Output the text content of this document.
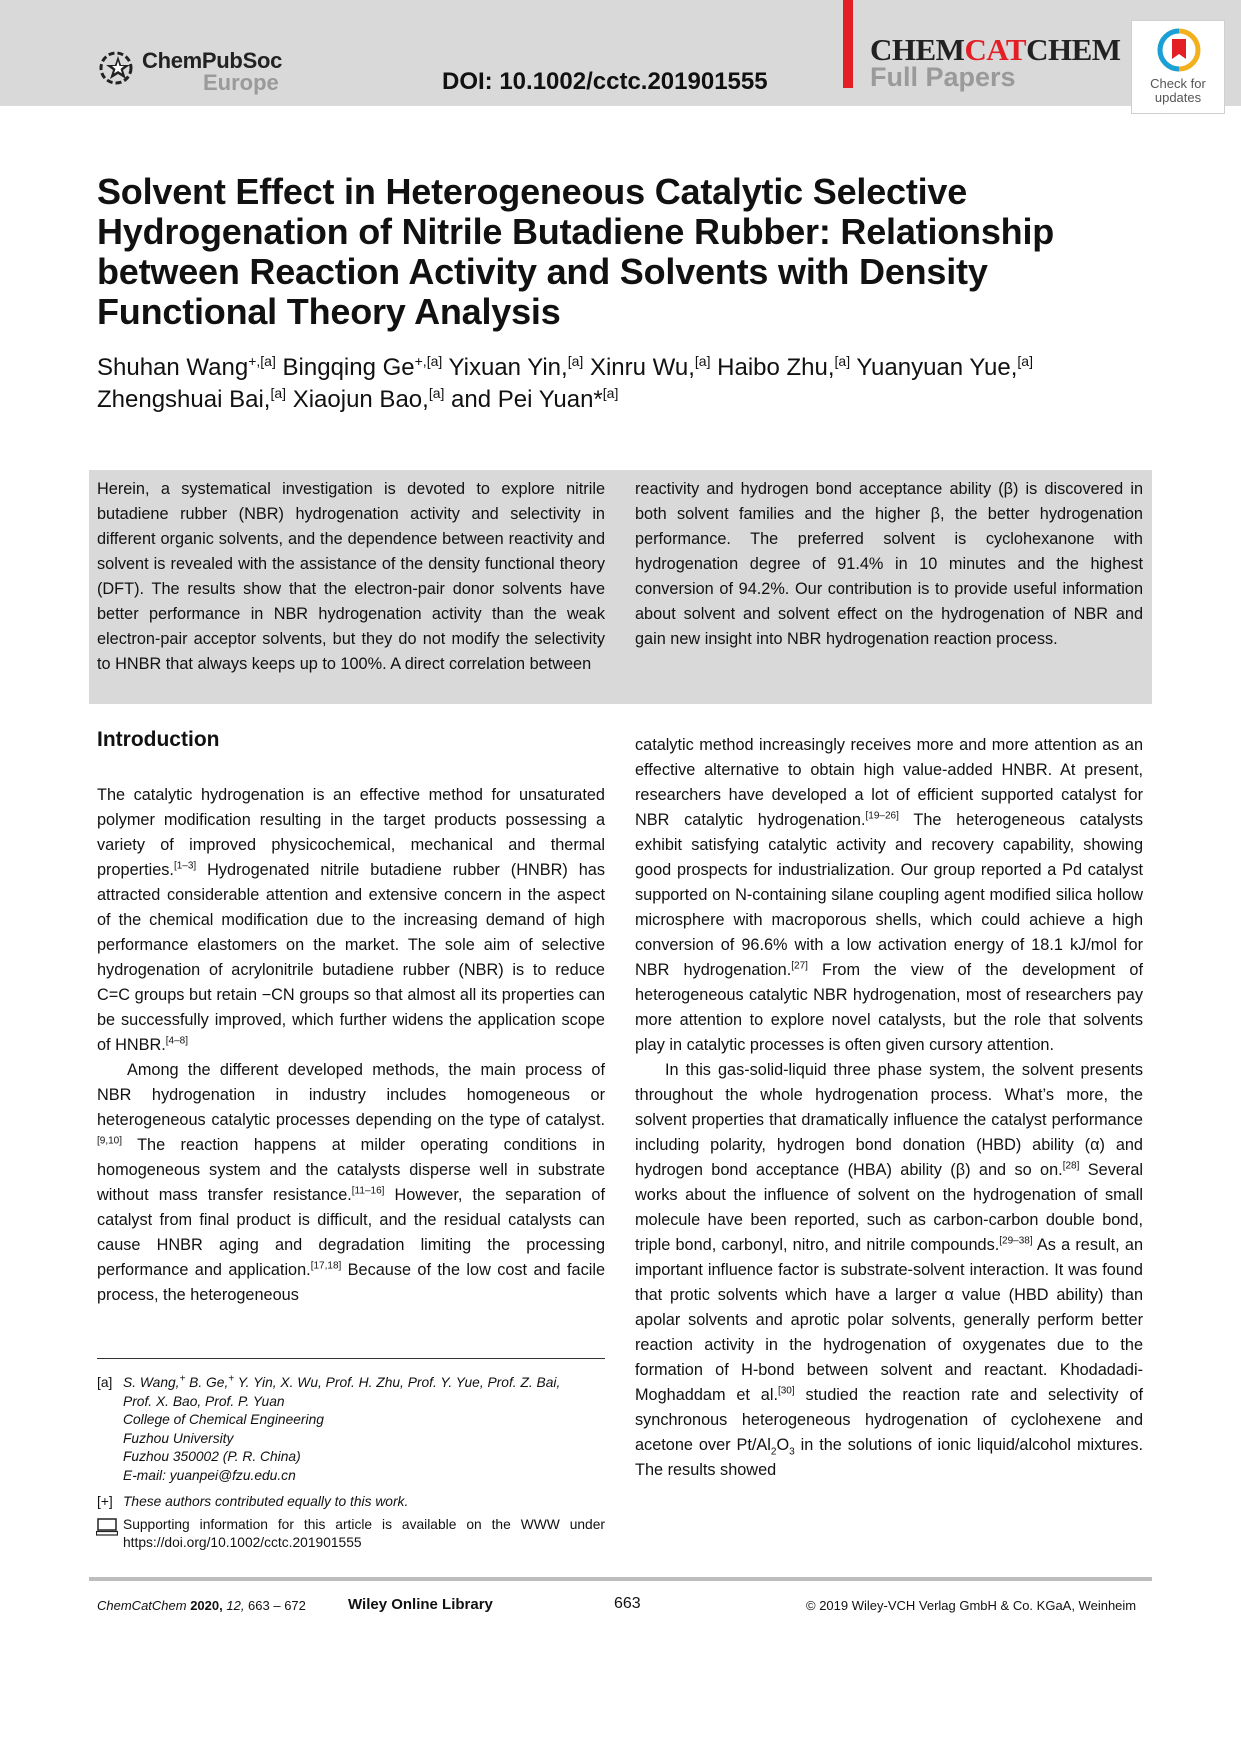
ChemPubSoc
Europe	DOI: 10.1002/cctc.201901555
CHEMCATCHEM
Full Papers	Check for
updates
Solvent Effect in Heterogeneous Catalytic Selective
Hydrogenation of Nitrile Butadiene Rubber: Relationship
between Reaction Activity and Solvents with Density
Functional Theory Analysis
Shuhan Wang$^{+,[a]}$ Bingqing $Ge^{+,[a]}$ Yixuan Yin,[a] Xinru Wu,[a] Haibo Zhu,[a] Yuanyuan Yue,[a]
Zhengshuai Bai,[a] Xiaojun Bao,[a] and Pei Yuan*[a]
Herein, a systematical investigation is devoted to explore nitrile butadiene rubber (NBR) hydrogenation activity and selectivity in different organic solvents, and the dependence between reactivity and solvent is revealed with the assistance of the density functional theory (DFT). The results show that the electron-pair donor solvents have better performance in NBR hydrogenation activity than the weak electron-pair acceptor solvents, but they do not modify the selectivity to HNBR that always keeps up to 100%. A direct correlation between
reactivity and hydrogen bond acceptance ability (β) is discovered in both solvent families and the higher β, the better hydrogenation performance. The preferred solvent is cyclohexanone with hydrogenation degree of 91.4% in 10 minutes and the highest conversion of 94.2%. Our contribution is to provide useful information about solvent and solvent effect on the hydrogenation of NBR and gain new insight into NBR hydrogenation reaction process.
Introduction

The catalytic hydrogenation is an effective method for unsaturated polymer modification resulting in the target products possessing a variety of improved physicochemical, mechanical and thermal properties.[1–3] Hydrogenated nitrile butadiene rubber (HNBR) has attracted considerable attention and extensive concern in the aspect of the chemical modification due to the increasing demand of high performance elastomers on the market. The sole aim of selective hydrogenation of acrylonitrile butadiene rubber (NBR) is to reduce C=C groups but retain −CN groups so that almost all its properties can be successfully improved, which further widens the application scope of HNBR.[4–8]

Among the different developed methods, the main process of NBR hydrogenation in industry includes homogeneous or heterogeneous catalytic processes depending on the type of catalyst.[9,10] The reaction happens at milder operating conditions in homogeneous system and the catalysts disperse well in substrate without mass transfer resistance.[11–16] However, the separation of catalyst from final product is difficult, and the residual catalysts can cause HNBR aging and degradation limiting the processing performance and application.[17,18] Because of the low cost and facile process, the heterogeneous

catalytic method increasingly receives more and more attention as an effective alternative to obtain high value-added HNBR. At present, researchers have developed a lot of efficient supported catalyst for NBR catalytic hydrogenation.[19–26] The heterogeneous catalysts exhibit satisfying catalytic activity and recovery capability, showing good prospects for industrialization. Our group reported a Pd catalyst supported on N-containing silane coupling agent modified silica hollow microsphere with macroporous shells, which could achieve a high conversion of 96.6% with a low activation energy of 18.1 kJ/mol for NBR hydrogenation.[27] From the view of the development of heterogeneous catalytic NBR hydrogenation, most of researchers pay more attention to explore novel catalysts, but the role that solvents play in catalytic processes is often given cursory attention.

In this gas-solid-liquid three phase system, the solvent presents throughout the whole hydrogenation process. What’s more, the solvent properties that dramatically influence the catalyst performance including polarity, hydrogen bond donation (HBD) ability (α) and hydrogen bond acceptance (HBA) ability (β) and so on.[28] Several works about the influence of solvent on the hydrogenation of small molecule have been reported, such as carbon-carbon double bond, triple bond, carbonyl, nitro, and nitrile compounds.[29–38] As a result, an important influence factor is substrate-solvent interaction. It was found that protic solvents which have a larger α value (HBD ability) than apolar solvents and aprotic polar solvents, generally perform better reaction activity in the hydrogenation of oxygenates due to the formation of H-bond between solvent and reactant. Khodadadi-Moghaddam et al.[30] studied the reaction rate and selectivity of synchronous heterogeneous hydrogenation of cyclohexene and acetone over $Pt/Al_2O_3$ in the solutions of ionic liquid/alcohol mixtures. The results showed

[a] S. Wang,+ B. Ge,+ Y. Yin, X. Wu, Prof. H. Zhu, Prof. Y. Yue, Prof. Z. Bai,
Prof. X. Bao, Prof. P. Yuan
College of Chemical Engineering
Fuzhou University
Fuzhou 350002 (P. R. China)
E-mail: yuanpei@fzu.edu.cn
[+] These authors contributed equally to this work.
Supporting information for this article is available on the WWW under https://doi.org/10.1002/cctc.201901555
ChemCatChem 2020, 12, 663 – 672	Wiley Online Library	663	© 2019 Wiley-VCH Verlag GmbH & Co. KGaA, Weinheim
